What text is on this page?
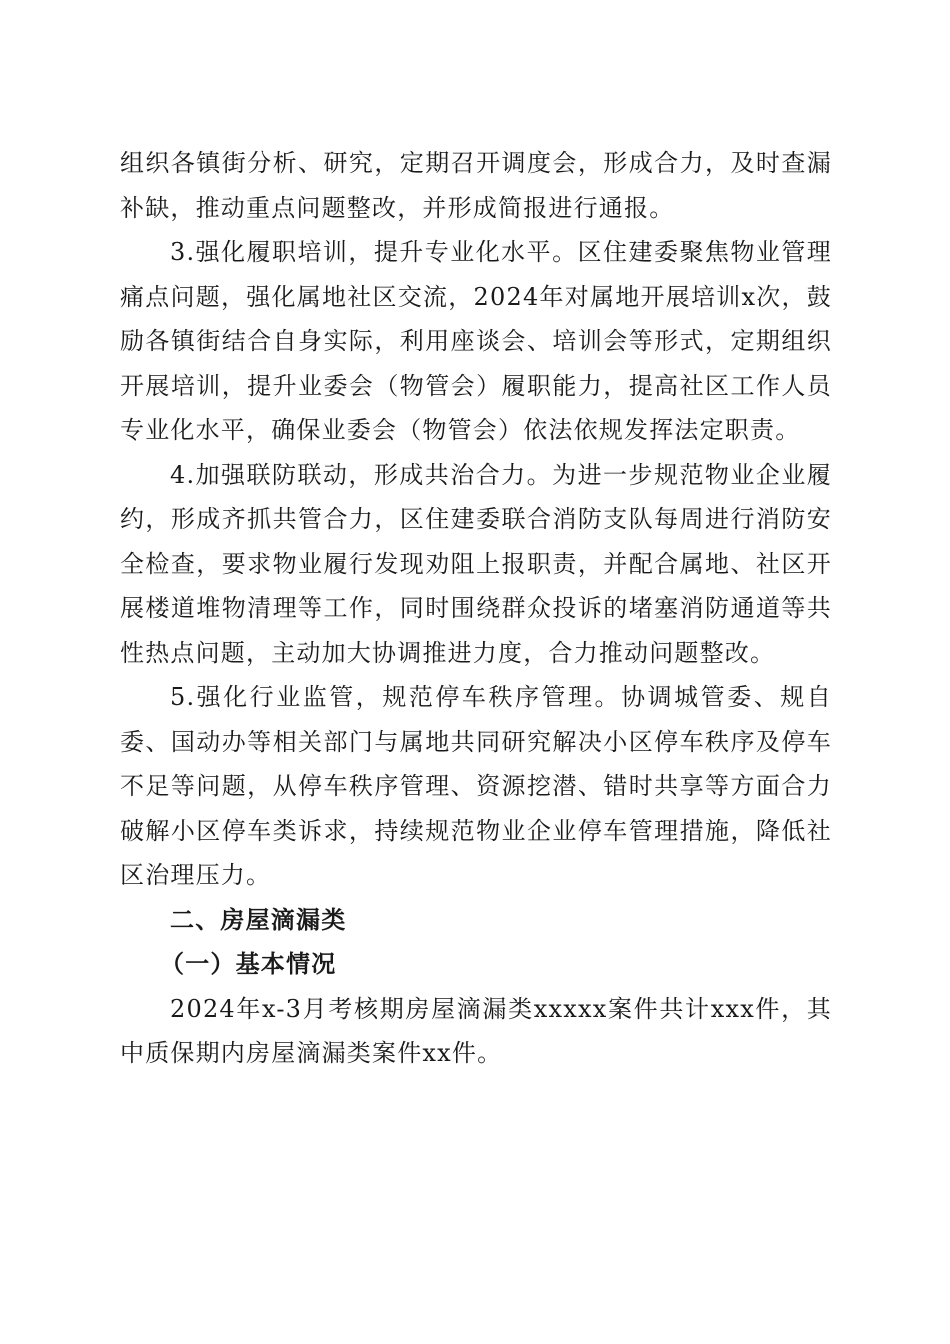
组织各镇街分析、研究，定期召开调度会，形成合力，及时查漏补缺，推动重点问题整改，并形成简报进行通报。

3.强化履职培训，提升专业化水平。区住建委聚焦物业管理痛点问题，强化属地社区交流，2024年对属地开展培训x次，鼓励各镇街结合自身实际，利用座谈会、培训会等形式，定期组织开展培训，提升业委会（物管会）履职能力，提高社区工作人员专业化水平，确保业委会（物管会）依法依规发挥法定职责。

4.加强联防联动，形成共治合力。为进一步规范物业企业履约，形成齐抓共管合力，区住建委联合消防支队每周进行消防安全检查，要求物业履行发现劝阻上报职责，并配合属地、社区开展楼道堆物清理等工作，同时围绕群众投诉的堵塞消防通道等共性热点问题，主动加大协调推进力度，合力推动问题整改。

5.强化行业监管，规范停车秩序管理。协调城管委、规自委、国动办等相关部门与属地共同研究解决小区停车秩序及停车不足等问题，从停车秩序管理、资源挖潜、错时共享等方面合力破解小区停车类诉求，持续规范物业企业停车管理措施，降低社区治理压力。

二、房屋滴漏类

（一）基本情况

2024年x-3月考核期房屋滴漏类xxxxx案件共计xxx件，其中质保期内房屋滴漏类案件xx件。
